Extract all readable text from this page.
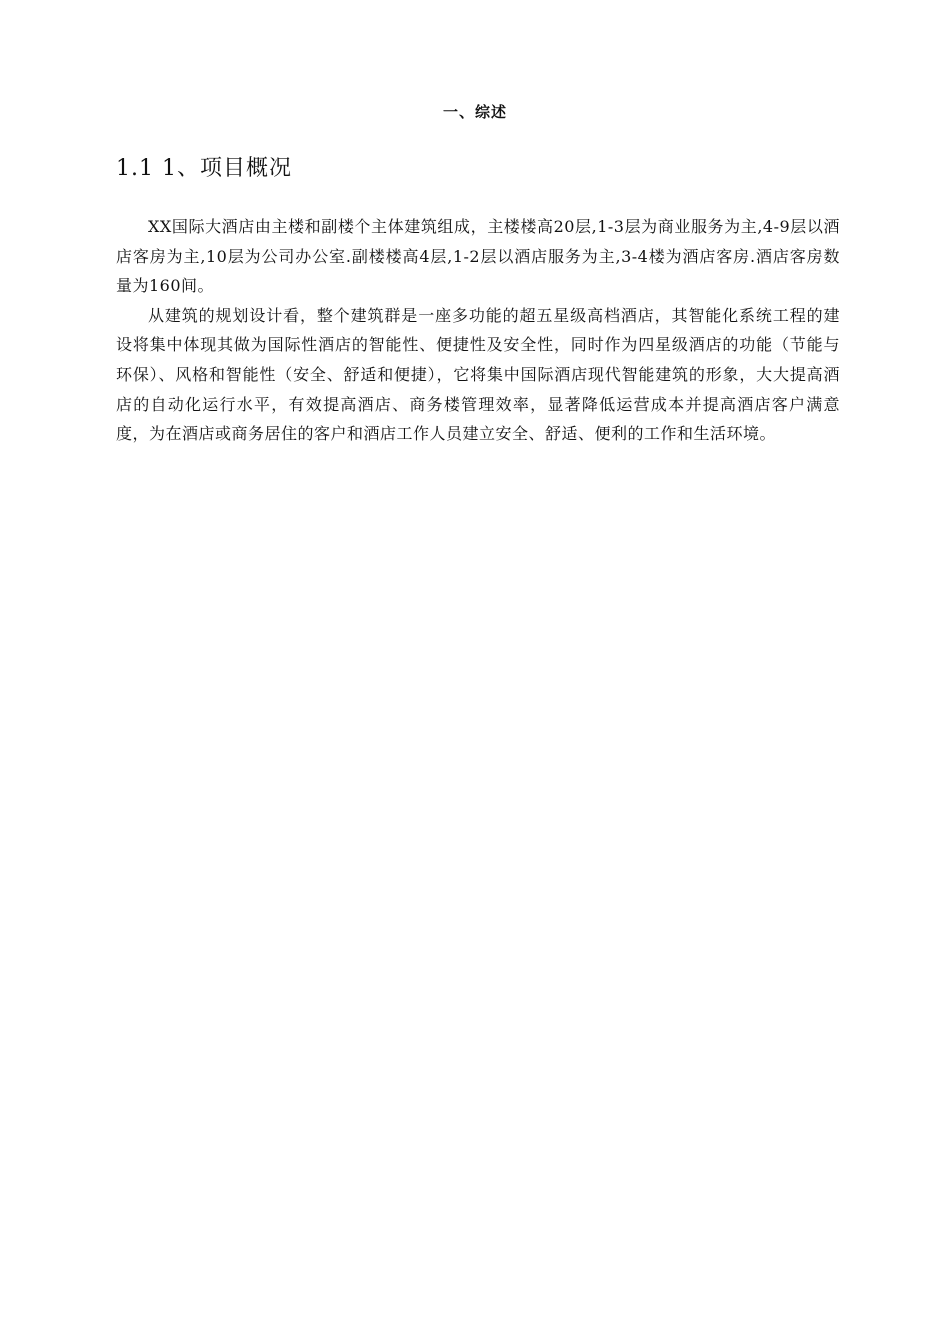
一、综述
1.1 1、项目概况

XX国际大酒店由主楼和副楼个主体建筑组成，主楼楼高20层,1-3层为商业服务为主,4-9层以酒店客房为主,10层为公司办公室.副楼楼高4层,1-2层以酒店服务为主,3-4楼为酒店客房.酒店客房数量为160间。

从建筑的规划设计看，整个建筑群是一座多功能的超五星级高档酒店，其智能化系统工程的建设将集中体现其做为国际性酒店的智能性、便捷性及安全性，同时作为四星级酒店的功能（节能与环保）、风格和智能性（安全、舒适和便捷），它将集中国际酒店现代智能建筑的形象，大大提高酒店的自动化运行水平，有效提高酒店、商务楼管理效率，显著降低运营成本并提高酒店客户满意度，为在酒店或商务居住的客户和酒店工作人员建立安全、舒适、便利的工作和生活环境。
